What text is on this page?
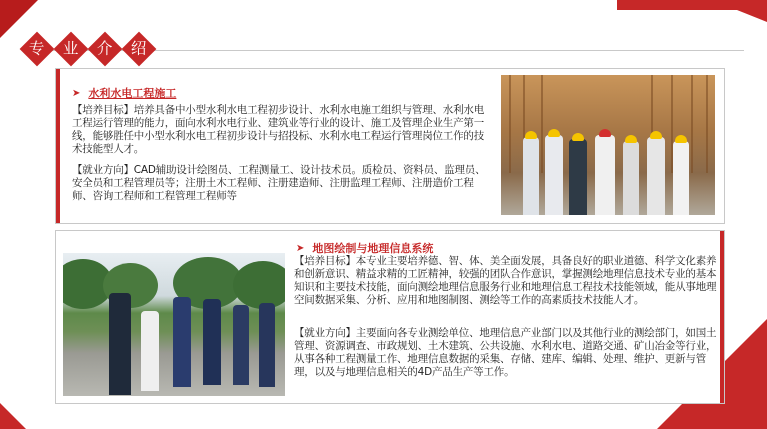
专 业 介 绍
➤ 水利水电工程施工

【培养目标】培养具备中小型水利水电工程初步设计、水利水电施工组织与管理、水利水电工程运行管理的能力，面向水利水电行业、建筑业等行业的设计、施工及管理企业生产第一线，能够胜任中小型水利水电工程初步设计与招投标、水利水电工程运行管理岗位工作的技术技能型人才。

【就业方向】CAD辅助设计绘图员、工程测量工、设计技术员。质检员、资料员、监理员、安全员和工程管理员等；注册土木工程师、注册建造师、注册监理工程师、注册造价工程师、咨询工程师和工程管理工程师等

➤ 地图绘制与地理信息系统

【培养目标】本专业主要培养德、智、体、美全面发展，具备良好的职业道德、科学文化素养和创新意识、精益求精的工匠精神，较强的团队合作意识，掌握测绘地理信息技术专业的基本知识和主要技术技能，面向测绘地理信息服务行业和地理信息工程技术技能领域，能从事地理空间数据采集、分析、应用和地图制图、测绘等工作的高素质技术技能人才。

【就业方向】主要面向各专业测绘单位、地理信息产业部门以及其他行业的测绘部门，如国土管理、资源调查、市政规划、土木建筑、公共设施、水利水电、道路交通、矿山冶金等行业，从事各种工程测量工作、地理信息数据的采集、存储、建库、编辑、处理、维护、更新与管理，以及与地理信息相关的4D产品生产等工作。
